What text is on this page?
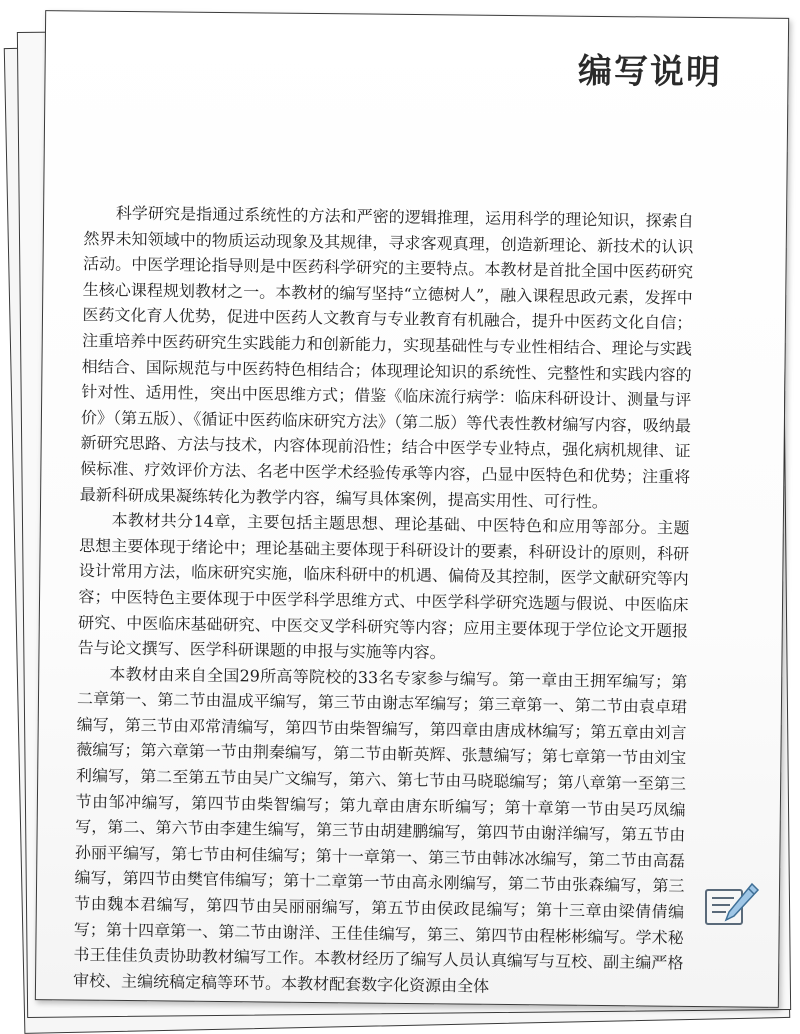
编写说明

科学研究是指通过系统性的方法和严密的逻辑推理，运用科学的理论知识，探索自然界未知领域中的物质运动现象及其规律，寻求客观真理，创造新理论、新技术的认识活动。中医学理论指导则是中医药科学研究的主要特点。本教材是首批全国中医药研究生核心课程规划教材之一。本教材的编写坚持“立德树人”，融入课程思政元素，发挥中医药文化育人优势，促进中医药人文教育与专业教育有机融合，提升中医药文化自信；注重培养中医药研究生实践能力和创新能力，实现基础性与专业性相结合、理论与实践相结合、国际规范与中医药特色相结合；体现理论知识的系统性、完整性和实践内容的针对性、适用性，突出中医思维方式；借鉴《临床流行病学：临床科研设计、测量与评价》（第五版）、《循证中医药临床研究方法》（第二版）等代表性教材编写内容，吸纳最新研究思路、方法与技术，内容体现前沿性；结合中医学专业特点，强化病机规律、证候标准、疗效评价方法、名老中医学术经验传承等内容，凸显中医特色和优势；注重将最新科研成果凝练转化为教学内容，编写具体案例，提高实用性、可行性。

本教材共分14章，主要包括主题思想、理论基础、中医特色和应用等部分。主题思想主要体现于绪论中；理论基础主要体现于科研设计的要素，科研设计的原则，科研设计常用方法，临床研究实施，临床科研中的机遇、偏倚及其控制，医学文献研究等内容；中医特色主要体现于中医学科学思维方式、中医学科学研究选题与假说、中医临床研究、中医临床基础研究、中医交叉学科研究等内容；应用主要体现于学位论文开题报告与论文撰写、医学科研课题的申报与实施等内容。

本教材由来自全国29所高等院校的33名专家参与编写。第一章由王拥军编写；第二章第一、第二节由温成平编写，第三节由谢志军编写；第三章第一、第二节由袁卓珺编写，第三节由邓常清编写，第四节由柴智编写，第四章由唐成林编写；第五章由刘言薇编写；第六章第一节由荆秦编写，第二节由靳英辉、张慧编写；第七章第一节由刘宝利编写，第二至第五节由吴广文编写，第六、第七节由马晓聪编写；第八章第一至第三节由邹冲编写，第四节由柴智编写；第九章由唐东昕编写；第十章第一节由吴巧凤编写，第二、第六节由李建生编写，第三节由胡建鹏编写，第四节由谢洋编写，第五节由孙丽平编写，第七节由柯佳编写；第十一章第一、第三节由韩冰冰编写，第二节由高磊编写，第四节由樊官伟编写；第十二章第一节由高永刚编写，第二节由张森编写，第三节由魏本君编写，第四节由吴丽丽编写，第五节由侯政昆编写；第十三章由梁倩倩编写；第十四章第一、第二节由谢洋、王佳佳编写，第三、第四节由程彬彬编写。学术秘书王佳佳负责协助教材编写工作。本教材经历了编写人员认真编写与互校、副主编严格审校、主编统稿定稿等环节。本教材配套数字化资源由全体
